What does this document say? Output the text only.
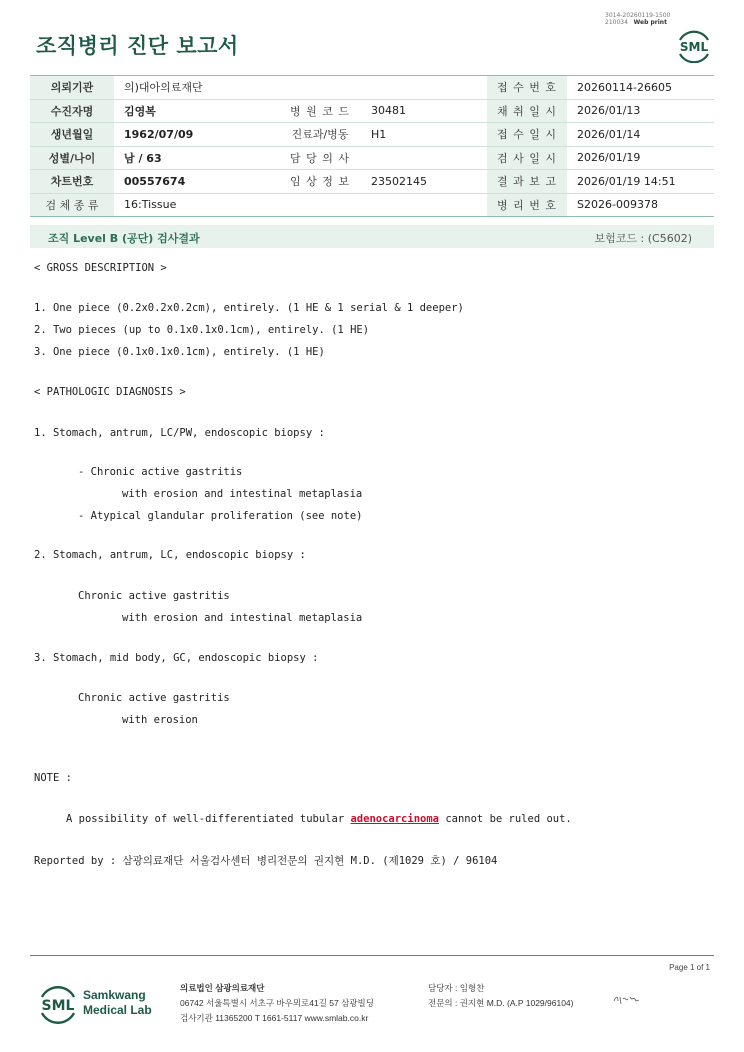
3014-20260119-1500
210034 Web print
조직병리 진단 보고서	SML
의뢰기관	의)대아의료재단			접 수 번 호	20260114-26605
수진자명	김영복	병 원 코 드	30481	채 취 일 시	2026/01/13
생년월일	1962/07/09	진료과/병동	H1	접 수 일 시	2026/01/14
성별/나이	남 / 63	담 당 의 사		검 사 일 시	2026/01/19
차트번호	00557674	임 상 정 보	23502145	결 과 보 고	2026/01/19 14:51
검 체 종 류	16:Tissue			병 리 번 호	S2026-009378
조직 Level B (공단) 검사결과	보험코드 : (C5602)
< GROSS DESCRIPTION >
1. One piece (0.2x0.2x0.2cm), entirely. (1 HE & 1 serial & 1 deeper)
2. Two pieces (up to 0.1x0.1x0.1cm), entirely. (1 HE)
3. One piece (0.1x0.1x0.1cm), entirely. (1 HE)
< PATHOLOGIC DIAGNOSIS >
1. Stomach, antrum, LC/PW, endoscopic biopsy :
- Chronic active gastritis
with erosion and intestinal metaplasia
- Atypical glandular proliferation (see note)
2. Stomach, antrum, LC, endoscopic biopsy :
Chronic active gastritis
with erosion and intestinal metaplasia
3. Stomach, mid body, GC, endoscopic biopsy :
Chronic active gastritis
with erosion
NOTE :
A possibility of well-differentiated tubular adenocarcinoma cannot be ruled out.
Reported by : 삼광의료재단 서울검사센터 병리전문의 권지현 M.D. (제1029 호) / 96104
Page 1 of 1
SML
Samkwang
Medical Lab
의료법인 삼광의료재단
06742 서울특별시 서초구 바우뫼로41길 57 삼광빌딩
검사기관 11365200 T 1661-5117 www.smlab.co.kr
담당자 : 임형찬
전문의 : 권지현 M.D. (A.P 1029/96104)
